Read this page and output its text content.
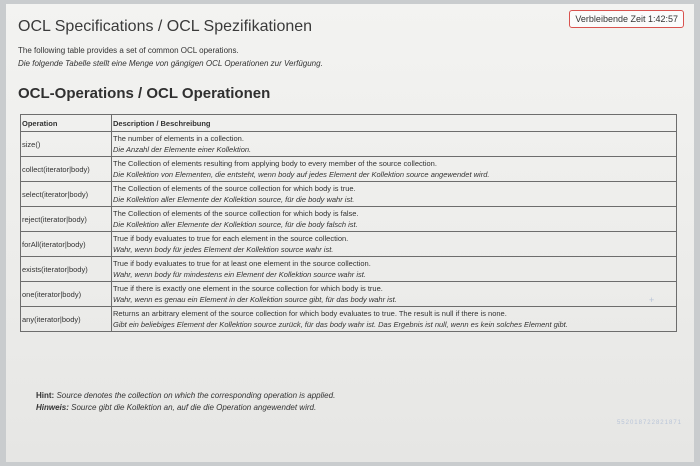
Verbleibende Zeit 1:42:57
OCL Specifications / OCL Spezifikationen
The following table provides a set of common OCL operations.
Die folgende Tabelle stellt eine Menge von gängigen OCL Operationen zur Verfügung.
OCL-Operations / OCL Operationen
Operation	Description / Beschreibung
size()	The number of elements in a collection.
Die Anzahl der Elemente einer Kollektion.

collect(iterator|body)	The Collection of elements resulting from applying body to every member of the source collection.
Die Kollektion von Elementen, die entsteht, wenn body auf jedes Element der Kollektion source angewendet wird.

select(iterator|body)	The Collection of elements of the source collection for which body is true.
Die Kollektion aller Elemente der Kollektion source, für die body wahr ist.

reject(iterator|body)	The Collection of elements of the source collection for which body is false.
Die Kollektion aller Elemente der Kollektion source, für die body falsch ist.

forAll(iterator|body)	True if body evaluates to true for each element in the source collection.
Wahr, wenn body für jedes Element der Kollektion source wahr ist.

exists(iterator|body)	True if body evaluates to true for at least one element in the source collection.
Wahr, wenn body für mindestens ein Element der Kollektion source wahr ist.

one(iterator|body)	True if there is exactly one element in the source collection for which body is true.
Wahr, wenn es genau ein Element in der Kollektion source gibt, für das body wahr ist.

any(iterator|body)	Returns an arbitrary element of the source collection for which body evaluates to true. The result is null if there is none.
Gibt ein beliebiges Element der Kollektion source zurück, für das body wahr ist. Das Ergebnis ist null, wenn es kein solches Element gibt.
+
Hint: Source denotes the collection on which the corresponding operation is applied.
Hinweis: Source gibt die Kollektion an, auf die die Operation angewendet wird.
552018722821871
